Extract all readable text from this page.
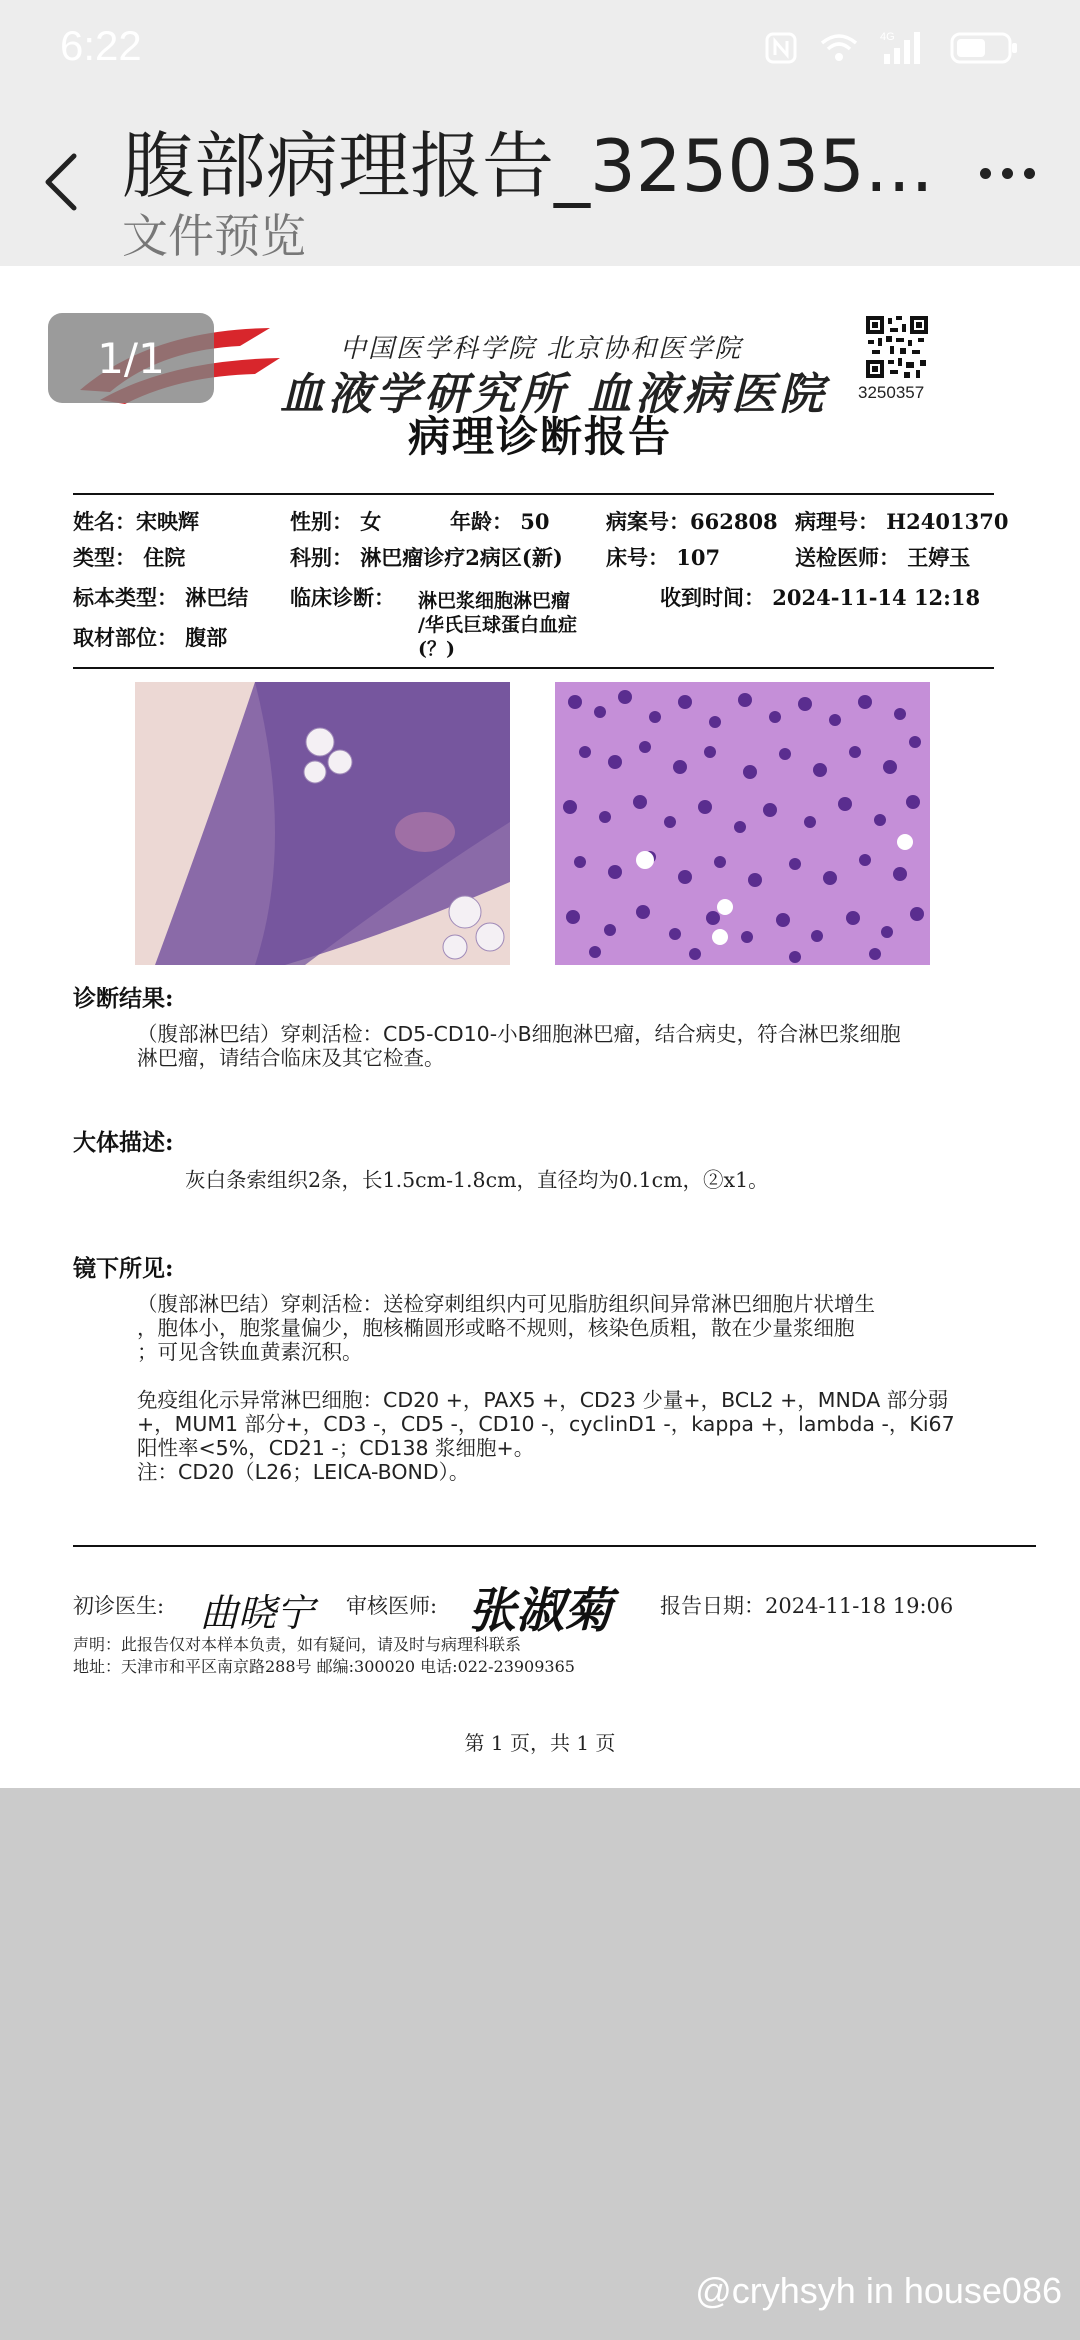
6:22	4G
腹部病理报告_325035...
文件预览
1/1	中国医学科学院 北京协和医学院
血液学研究所 血液病医院 3250357
病理诊断报告
姓名：宋映辉	性别： 女	年龄： 50	病案号：662808 病理号： H2401370
类型： 住院	科别： 淋巴瘤诊疗2病区(新) 床号： 107	送检医师： 王婷玉
标本类型： 淋巴结 临床诊断： 淋巴浆细胞淋巴瘤
/华氏巨球蛋白血症
(？)
收到时间： 2024-11-14 12:18
取材部位： 腹部
诊断结果:
（腹部淋巴结）穿刺活检：CD5-CD10-小B细胞淋巴瘤，结合病史，符合淋巴浆细胞
淋巴瘤，请结合临床及其它检查。
大体描述:
灰白条索组织2条，长1.5cm-1.8cm，直径均为0.1cm，②x1。
镜下所见:
（腹部淋巴结）穿刺活检：送检穿刺组织内可见脂肪组织间异常淋巴细胞片状增生
，胞体小，胞浆量偏少，胞核椭圆形或略不规则，核染色质粗，散在少量浆细胞
；可见含铁血黄素沉积。
免疫组化示异常淋巴细胞：CD20 +，PAX5 +，CD23 少量+，BCL2 +，MNDA 部分弱
+，MUM1 部分+，CD3 -，CD5 -，CD10 -，cyclinD1 -，kappa +，lambda -，Ki67
阳性率<5%，CD21 -；CD138 浆细胞+。
注：CD20（L26；LEICA-BOND）。
初诊医生: 曲晓宁 审核医师: 张淑菊 报告日期：2024-11-18 19:06
声明：此报告仅对本样本负责，如有疑问，请及时与病理科联系
地址：天津市和平区南京路288号 邮编:300020 电话:022-23909365
第 1 页，共 1 页
@cryhsyh in house086
